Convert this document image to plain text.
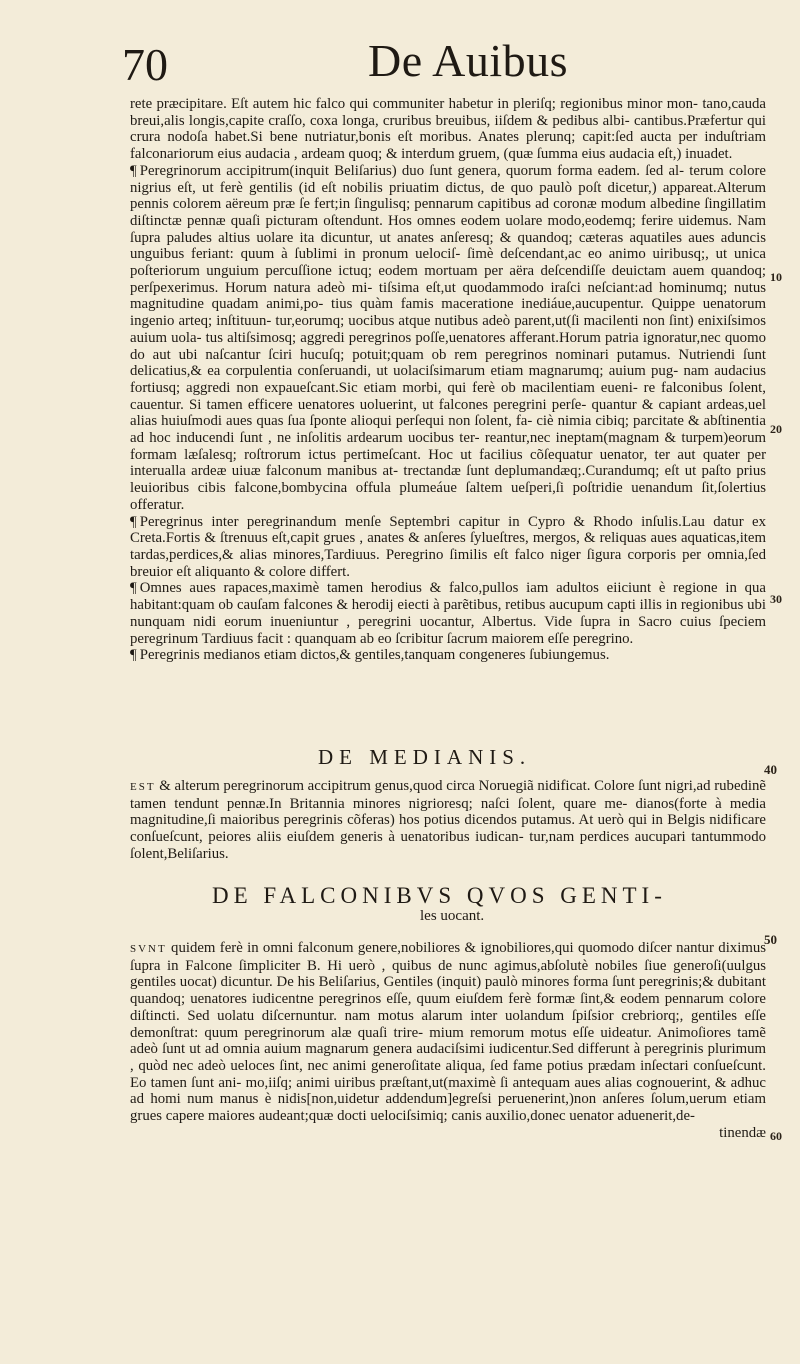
70	De Auibus
10
20
30
40
50
60

rete præcipitare. Eſt autem hic falco qui communiter habetur in pleriſq; regionibus minor mon- tano,cauda breui,alis longis,capite craſſo, coxa longa, cruribus breuibus, iiſdem & pedibus albi- cantibus.Præfertur qui crura nodoſa habet.Si bene nutriatur,bonis eſt moribus. Anates plerunq; capit:ſed aucta per induſtriam falconariorum eius audacia , ardeam quoq; & interdum gruem, (quæ ſumma eius audacia eſt,) inuadet.

¶ Peregrinorum accipitrum(inquit Beliſarius) duo ſunt genera, quorum forma eadem. ſed al- terum colore nigrius eſt, ut ferè gentilis (id eſt nobilis priuatim dictus, de quo paulò poſt dicetur,) appareat.Alterum pennis colorem aëreum præ ſe fert;in ſingulisq; pennarum capitibus ad coronæ modum albedine ſingillatim diſtinctæ pennæ quaſi picturam oſtendunt. Hos omnes eodem uolare modo,eodemq; ferire uidemus. Nam ſupra paludes altius uolare ita dicuntur, ut anates anſeresq; & quandoq; cæteras aquatiles aues aduncis unguibus feriant: quum à ſublimi in pronum uelociſ- ſimè deſcendant,ac eo animo uiribusq;, ut unica poſteriorum unguium percuſſione ictuq; eodem mortuam per aëra deſcendiſſe deuictam auem quandoq; perſpexerimus. Horum natura adeò mi- tiſsima eſt,ut quodammodo iraſci neſciant:ad hominumq; nutus magnitudine quadam animi,po- tius quàm famis maceratione inediáue,aucupentur. Quippe uenatorum ingenio arteq; inſtituun- tur,eorumq; uocibus atque nutibus adeò parent,ut(ſi macilenti non ſint) enixiſsimos auium uola- tus altiſsimosq; aggredi peregrinos poſſe,uenatores afferant.Horum patria ignoratur,nec quomo do aut ubi naſcantur ſciri hucuſq; potuit;quam ob rem peregrinos nominari putamus. Nutriendi ſunt delicatius,& ea corpulentia conſeruandi, ut uolaciſsimarum etiam magnarumq; auium pug- nam audacius fortiusq; aggredi non expaueſcant.Sic etiam morbi, qui ferè ob macilentiam eueni- re falconibus ſolent, cauentur. Si tamen efficere uenatores uoluerint, ut falcones peregrini perſe- quantur & capiant ardeas,uel alias huiuſmodi aues quas ſua ſponte alioqui perſequi non ſolent, fa- ciè nimia cibiq; parcitate & abſtinentia ad hoc inducendi ſunt , ne inſolitis ardearum uocibus ter- reantur,nec ineptam(magnam & turpem)eorum formam læſalesq; roſtrorum ictus pertimeſcant. Hoc ut facilius cõſequatur uenator, ter aut quater per interualla ardeæ uiuæ falconum manibus at- trectandæ ſunt deplumandæq;.Curandumq; eſt ut paſto prius leuioribus cibis falcone,bombycina offula plumeáue ſaltem ueſperi,ſi poſtridie uenandum ſit,ſolertius offeratur.

¶ Peregrinus inter peregrinandum menſe Septembri capitur in Cypro & Rhodo inſulis.Lau datur ex Creta.Fortis & ſtrenuus eſt,capit grues , anates & anſeres ſylueſtres, mergos, & reliquas aues aquaticas,item tardas,perdices,& alias minores,Tardiuus. Peregrino ſimilis eſt falco niger ſigura corporis per omnia,ſed breuior eſt aliquanto & colore differt.

¶ Omnes aues rapaces,maximè tamen herodius & falco,pullos iam adultos eiiciunt è regione in qua habitant:quam ob cauſam falcones & herodij eiecti à parẽtibus, retibus aucupum capti illis in regionibus ubi nunquam nidi eorum inueniuntur , peregrini uocantur, Albertus. Vide ſupra in Sacro cuius ſpeciem peregrinum Tardiuus facit : quanquam ab eo ſcribitur ſacrum maiorem eſſe peregrino.

¶ Peregrinis medianos etiam dictos,& gentiles,tanquam congeneres ſubiungemus.

DE MEDIANIS.

EST & alterum peregrinorum accipitrum genus,quod circa Noruegiã nidificat. Colore ſunt nigri,ad rubedinẽ tamen tendunt pennæ.In Britannia minores nigrioresq; naſci ſolent, quare me- dianos(forte à media magnitudine,ſi maioribus peregrinis cõferas) hos potius dicendos putamus. At uerò qui in Belgis nidificare conſueſcunt, peiores aliis eiuſdem generis à uenatoribus iudican- tur,nam perdices aucupari tantummodo ſolent,Beliſarius.

DE FALCONIBVS QVOS GENTI-
les uocant.

SVNT quidem ferè in omni falconum genere,nobiliores & ignobiliores,qui quomodo diſcer nantur diximus ſupra in Falcone ſimpliciter B. Hi uerò , quibus de nunc agimus,abſolutè nobiles ſiue generoſi(uulgus gentiles uocat) dicuntur. De his Beliſarius, Gentiles (inquit) paulò minores forma ſunt peregrinis;& dubitant quandoq; uenatores iudicentne peregrinos eſſe, quum eiuſdem ferè formæ ſint,& eodem pennarum colore diſtincti. Sed uolatu diſcernuntur. nam motus alarum inter uolandum ſpiſsior crebriorq;, gentiles eſſe demonſtrat: quum peregrinorum alæ quaſi trire- mium remorum motus eſſe uideatur. Animoſiores tamẽ adeò ſunt ut ad omnia auium magnarum genera audaciſsimi iudicentur.Sed differunt à peregrinis plurimum , quòd nec adeò ueloces ſint, nec animi generoſitate aliqua, ſed fame potius prædam inſectari conſueſcunt. Eo tamen ſunt ani- mo,iiſq; animi uiribus præſtant,ut(maximè ſi antequam aues alias cognouerint, & adhuc ad homi num manus è nidis[non,uidetur addendum]egreſsi peruenerint,)non anſeres ſolum,uerum etiam grues capere maiores audeant;quæ docti uelociſsimiq; canis auxilio,donec uenator aduenerit,de-

tinendæ
